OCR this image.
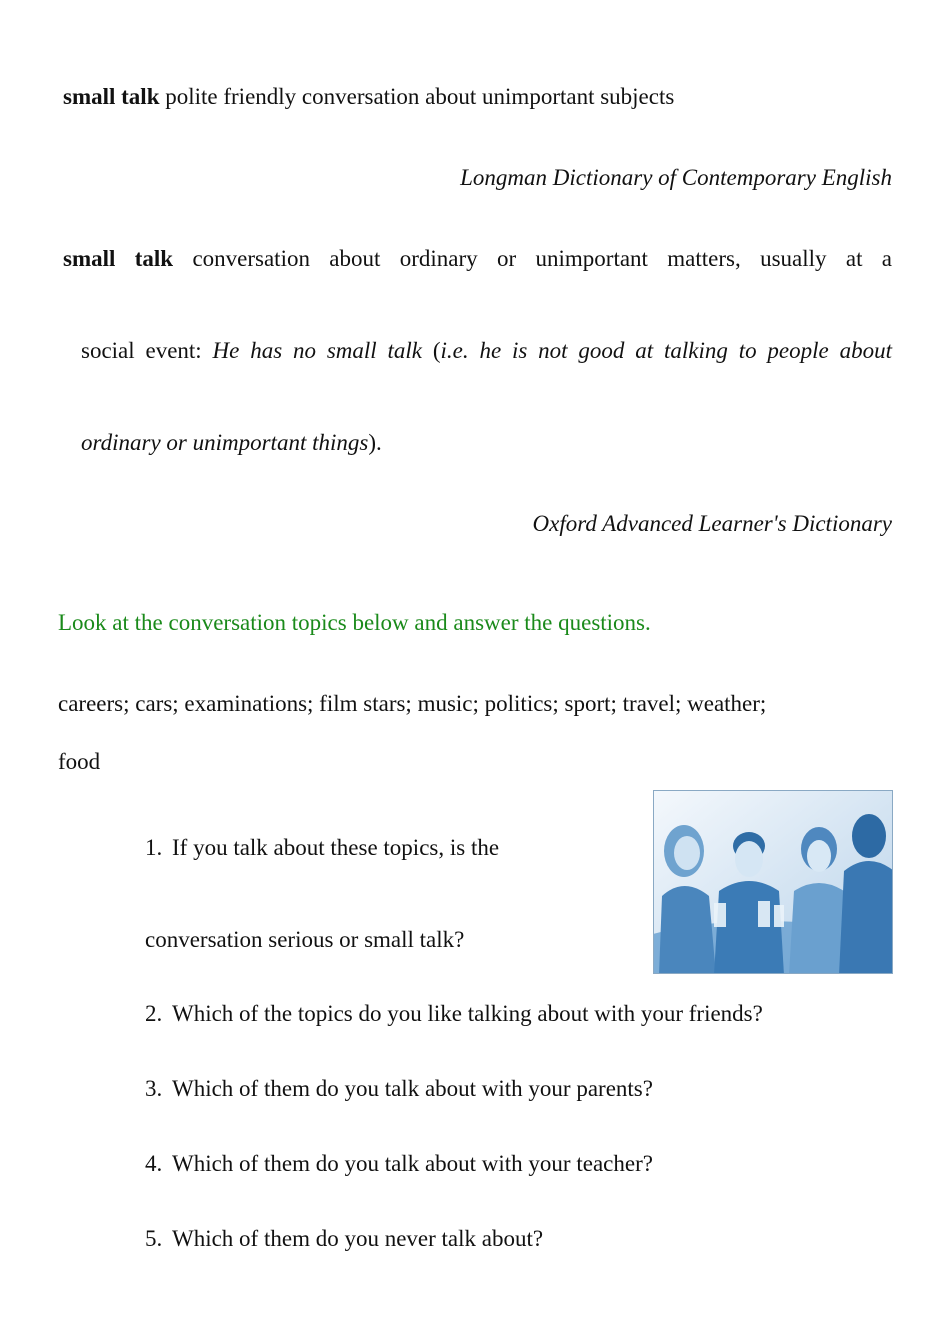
small talk polite friendly conversation about unimportant subjects
Longman Dictionary of Contemporary English
small talk conversation about ordinary or unimportant matters, usually at a
social event: He has no small talk (i.e. he is not good at talking to people about
ordinary or unimportant things).
Oxford Advanced Learner's Dictionary
Look at the conversation topics below and answer the questions.
careers; cars; examinations; film stars; music; politics; sport; travel; weather;
food
1. If you talk about these topics, is the
conversation serious or small talk?
2. Which of the topics do you like talking about with your friends?
3. Which of them do you talk about with your parents?
4. Which of them do you talk about with your teacher?
5. Which of them do you never talk about?
